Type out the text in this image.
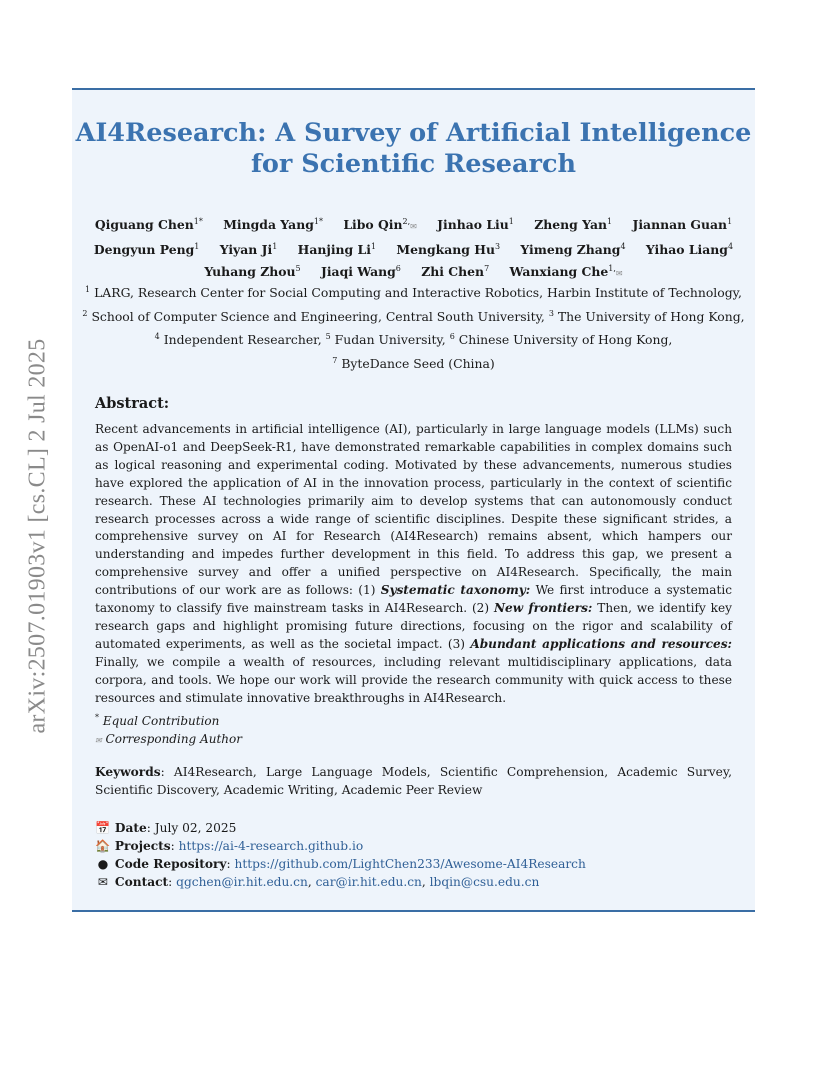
arXiv:2507.01903v1 [cs.CL] 2 Jul 2025
AI4Research: A Survey of Artificial Intelligence
for Scientific Research
Qiguang Chen$^{1*}$ Mingda Yang$^{1*}$ Libo Qin$^{2,}$✉ Jinhao Liu$^1$ Zheng Yan$^1$ Jiannan Guan$^1$
Dengyun Peng$^1$ Yiyan Ji$^1$ Hanjing Li$^1$ Mengkang Hu$^3$ Yimeng Zhang$^4$ Yihao Liang$^4$
Yuhang Zhou$^5$ Jiaqi Wang$^6$ Zhi Chen$^7$ Wanxiang Che$^{1,}$✉
$^1$ LARG, Research Center for Social Computing and Interactive Robotics, Harbin Institute of Technology,
$^2$ School of Computer Science and Engineering, Central South University, $^3$ The University of Hong Kong,
$^4$ Independent Researcher, $^5$ Fudan University, $^6$ Chinese University of Hong Kong,
$^7$ ByteDance Seed (China)
Abstract:
Recent advancements in artificial intelligence (AI), particularly in large language models (LLMs) such as OpenAI-o1 and DeepSeek-R1, have demonstrated remarkable capabilities in complex domains such as logical reasoning and experimental coding. Motivated by these advancements, numerous studies have explored the application of AI in the innovation process, particularly in the context of scientific research. These AI technologies primarily aim to develop systems that can autonomously conduct research processes across a wide range of scientific disciplines. Despite these significant strides, a comprehensive survey on AI for Research (AI4Research) remains absent, which hampers our understanding and impedes further development in this field. To address this gap, we present a comprehensive survey and offer a unified perspective on AI4Research. Specifically, the main contributions of our work are as follows: (1) Systematic taxonomy: We first introduce a systematic taxonomy to classify five mainstream tasks in AI4Research. (2) New frontiers: Then, we identify key research gaps and highlight promising future directions, focusing on the rigor and scalability of automated experiments, as well as the societal impact. (3) Abundant applications and resources: Finally, we compile a wealth of resources, including relevant multidisciplinary applications, data corpora, and tools. We hope our work will provide the research community with quick access to these resources and stimulate innovative breakthroughs in AI4Research.
* Equal Contribution
✉ Corresponding Author
Keywords: AI4Research, Large Language Models, Scientific Comprehension, Academic Survey, Scientific Discovery, Academic Writing, Academic Peer Review
📅 Date: July 02, 2025
🏠 Projects: https://ai-4-research.github.io
● Code Repository: https://github.com/LightChen233/Awesome-AI4Research
✉ Contact: qgchen@ir.hit.edu.cn, car@ir.hit.edu.cn, lbqin@csu.edu.cn
